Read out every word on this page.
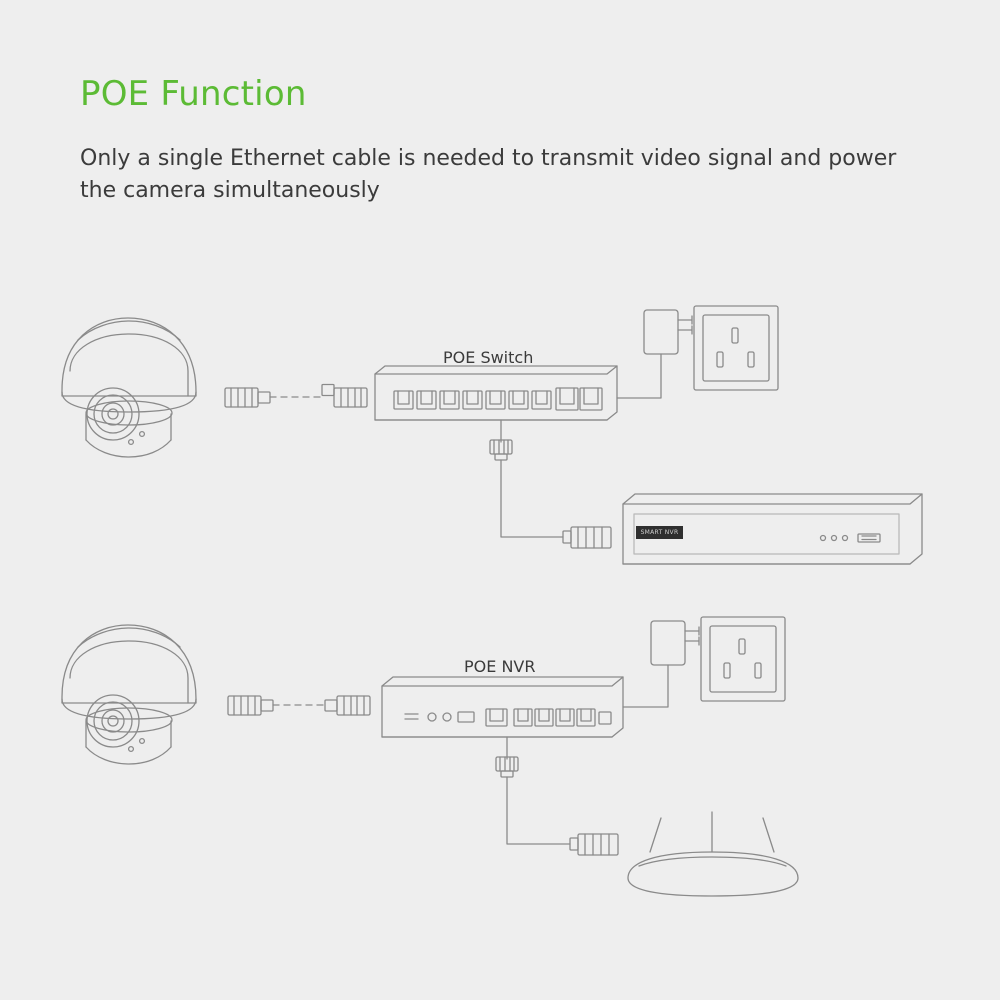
POE Function
Only a single Ethernet cable is needed to transmit video signal and power the camera simultaneously
POE Switch
POE NVR
SMART NVR
